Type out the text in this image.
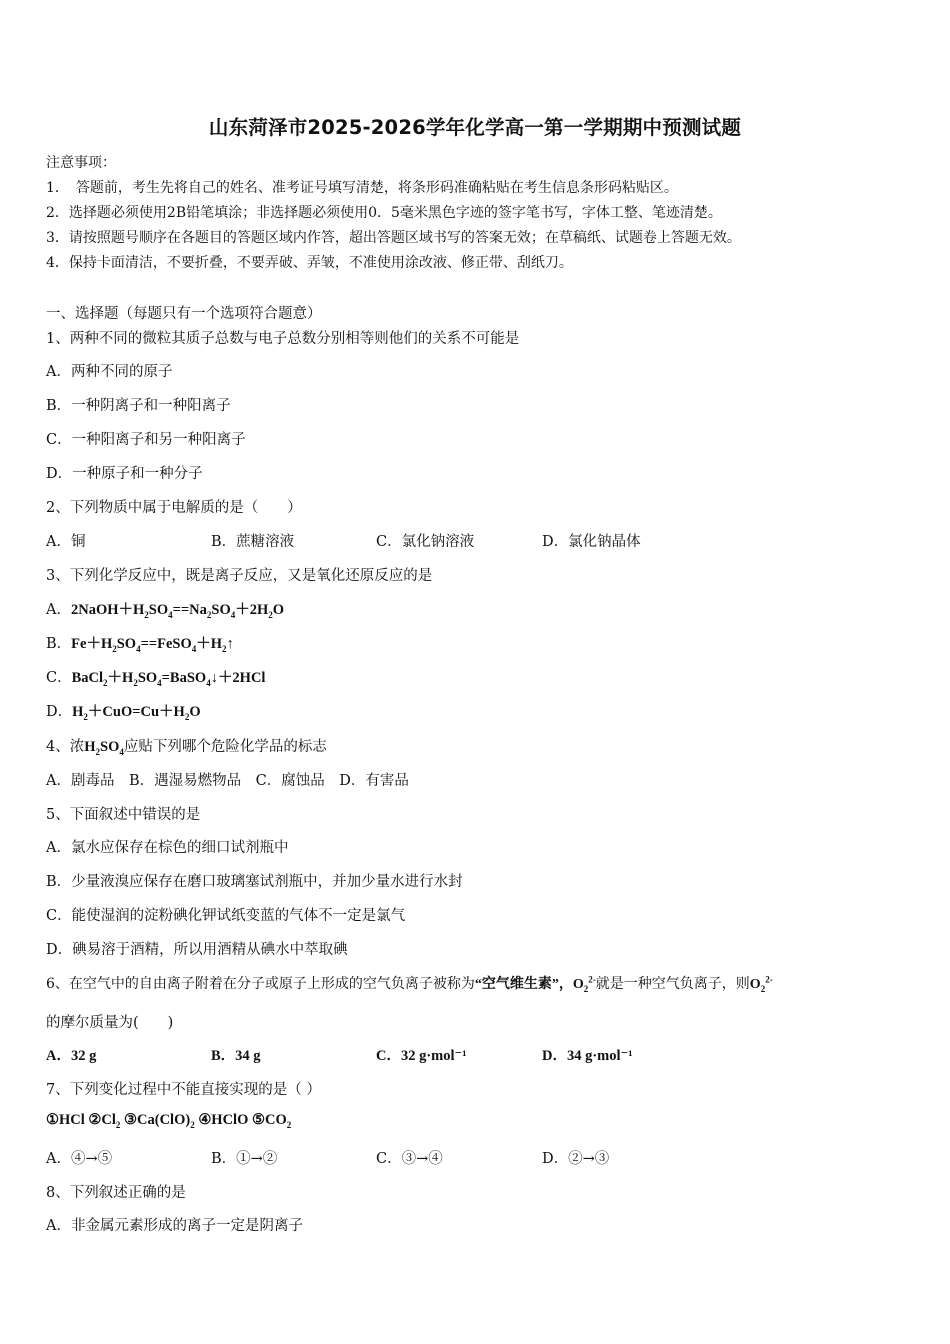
山东菏泽市2025-2026学年化学高一第一学期期中预测试题
注意事项：
1．　答题前，考生先将自己的姓名、准考证号填写清楚，将条形码准确粘贴在考生信息条形码粘贴区。
2．选择题必须使用2B铅笔填涂；非选择题必须使用0．5毫米黑色字迹的签字笔书写，字体工整、笔迹清楚。
3．请按照题号顺序在各题目的答题区域内作答，超出答题区域书写的答案无效；在草稿纸、试题卷上答题无效。
4．保持卡面清洁，不要折叠，不要弄破、弄皱，不准使用涂改液、修正带、刮纸刀。
一、选择题（每题只有一个选项符合题意）
1、两种不同的微粒其质子总数与电子总数分别相等则他们的关系不可能是
A．两种不同的原子
B．一种阴离子和一种阳离子
C．一种阳离子和另一种阳离子
D．一种原子和一种分子
2、下列物质中属于电解质的是（　　）
A．铜	B．蔗糖溶液	C．氯化钠溶液	D．氯化钠晶体
3、下列化学反应中，既是离子反应，又是氧化还原反应的是
A．$2NaOH+H_2SO_4==Na_2SO_4+2H_2O$
B．$Fe+H_2SO_4==FeSO_4+H_2↑$
C．$BaCl_2+H_2SO_4=BaSO_4↓+2HCl$
D．$H_2+CuO=Cu+H_2O$
4、浓$H_2SO_4$应贴下列哪个危险化学品的标志
A．剧毒品　B．遇湿易燃物品　C．腐蚀品　D．有害品
5、下面叙述中错误的是
A．氯水应保存在棕色的细口试剂瓶中
B．少量液溴应保存在磨口玻璃塞试剂瓶中，并加少量水进行水封
C．能使湿润的淀粉碘化钾试纸变蓝的气体不一定是氯气
D．碘易溶于酒精，所以用酒精从碘水中萃取碘
6、在空气中的自由离子附着在分子或原子上形成的空气负离子被称为“空气维生素”，$O_2^{2-}$就是一种空气负离子，则$O_2^{2-}$
的摩尔质量为(　　)
A．32 g	B．34 g	C．32 g·mol⁻¹	D．34 g·mol⁻¹
7、下列变化过程中不能直接实现的是（ ）
①HCl $②Cl_2$ $③Ca(ClO)_2$ ④HClO $⑤CO_2$
A．④→⑤	B．①→②	C．③→④	D．②→③
8、下列叙述正确的是
A．非金属元素形成的离子一定是阴离子
